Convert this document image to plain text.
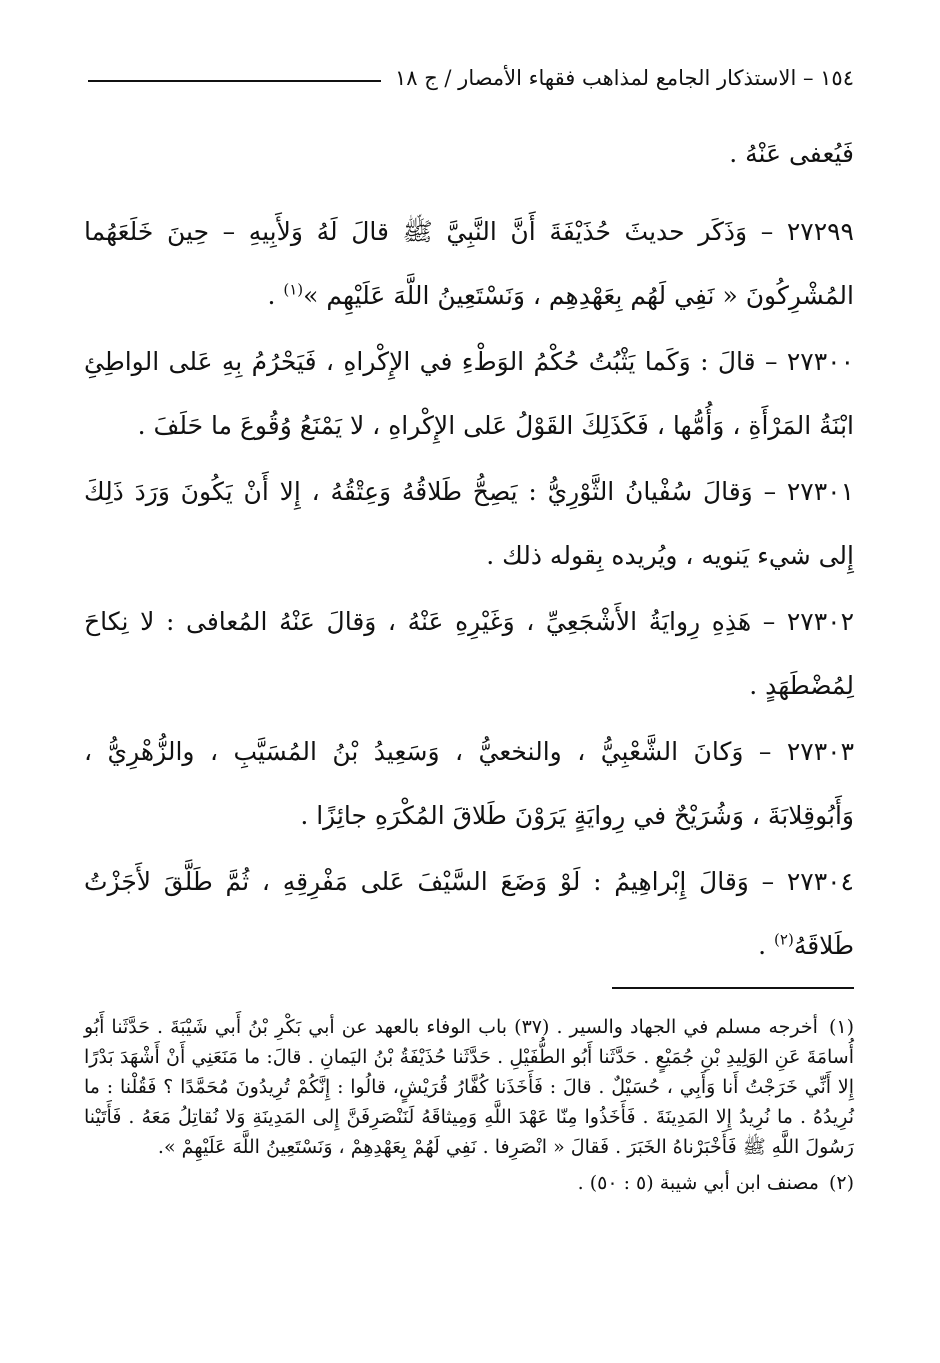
١٥٤ – الاستذكار الجامع لمذاهب فقهاء الأمصار / ج ١٨

فَيُعفى عَنْهُ .

٢٧٢٩٩ – وَذَكَر حديثَ حُذَيْفَةَ أَنَّ النَّبِيَّ ﷺ قالَ لَهُ وَلأَبِيهِ – حِينَ خَلَعَهُما المُشْرِكُونَ « نَفِي لَهُم بِعَهْدِهِم ، وَنَسْتَعِينُ اللَّهَ عَلَيْهِم »$^{(١)}$ .

٢٧٣٠٠ – قالَ : وَكَما يَثْبُتُ حُكْمُ الوَطْءِ في الإِكْراهِ ، فَيَحْرُمُ بِهِ عَلى الواطِئِ ابْنَةُ المَرْأَةِ ، وَأُمُّها ، فَكَذَلِكَ القَوْلُ عَلى الإِكْراهِ ، لا يَمْنَعُ وُقُوعَ ما حَلَفَ .

٢٧٣٠١ – وَقالَ سُفْيانُ الثَّوْرِيُّ : يَصِحُّ طَلاقُهُ وَعِتْقُهُ ، إِلا أَنْ يَكُونَ وَرَدَ ذَلِكَ إِلى شيء يَنويه ، ويُريده بِقوله ذلك .

٢٧٣٠٢ – هَذِهِ رِوايَةُ الأَشْجَعِيِّ ، وَغَيْرِهِ عَنْهُ ، وَقالَ عَنْهُ المُعافى : لا نِكاحَ لِمُضْطَهَدٍ .

٢٧٣٠٣ – وَكانَ الشَّعْبِيُّ ، والنخعيُّ ، وَسَعِيدُ بْنُ المُسَيَّبِ ، والزُّهْرِيُّ ، وَأَبُوقِلابَةَ ، وَشُرَيْحٌ في رِوايَةٍ يَرَوْنَ طَلاقَ المُكْرَهِ جائِزًا .

٢٧٣٠٤ – وَقالَ إِبْراهِيمُ : لَوْ وَضَعَ السَّيْفَ عَلى مَفْرِقِهِ ، ثُمَّ طَلَّقَ لأَجَزْتُ طَلاقَهُ$^{(٢)}$ .

(١) أخرجه مسلم في الجهاد والسير . (٣٧) باب الوفاء بالعهد عن أبي بَكْرِ بْنُ أَبي شَيْبَةَ . حَدَّثَنا أَبُو أُسامَةَ عَنِ الوَلِيدِ بْنِ جُمَيْعٍ . حَدَّثَنا أَبُو الطُّفَيْلِ . حَدَّثَنا حُذَيْفَةُ بْنُ اليَمانِ . قالَ: ما مَنَعَنِي أَنْ أَشْهَدَ بَدْرًا إِلا أَنِّي خَرَجْتُ أَنا وَأَبِي ، حُسَيْلٌ . قالَ : فَأَخَذَنا كُفَّارُ قُرَيْشٍ، قالُوا : إِنَّكُمْ تُرِيدُونَ مُحَمَّدًا ؟ فَقُلْنا : ما نُرِيدُهُ . ما نُرِيدُ إِلا المَدِينَةَ . فَأَخَذُوا مِنّا عَهْدَ اللَّهِ وَمِيثاقَهُ لَنَنْصَرِفَنَّ إِلى المَدِينَةِ وَلا نُقاتِلُ مَعَهُ . فَأَتَيْنا رَسُولَ اللَّهِ ﷺ فَأَخْبَرْناهُ الخَبَرَ . فَقالَ « انْصَرِفا . نَفِي لَهُمْ بِعَهْدِهِمْ ، وَنَسْتَعِينُ اللَّهَ عَلَيْهِمْ ».

(٢) مصنف ابن أبي شيبة (٥ : ٥٠) .
